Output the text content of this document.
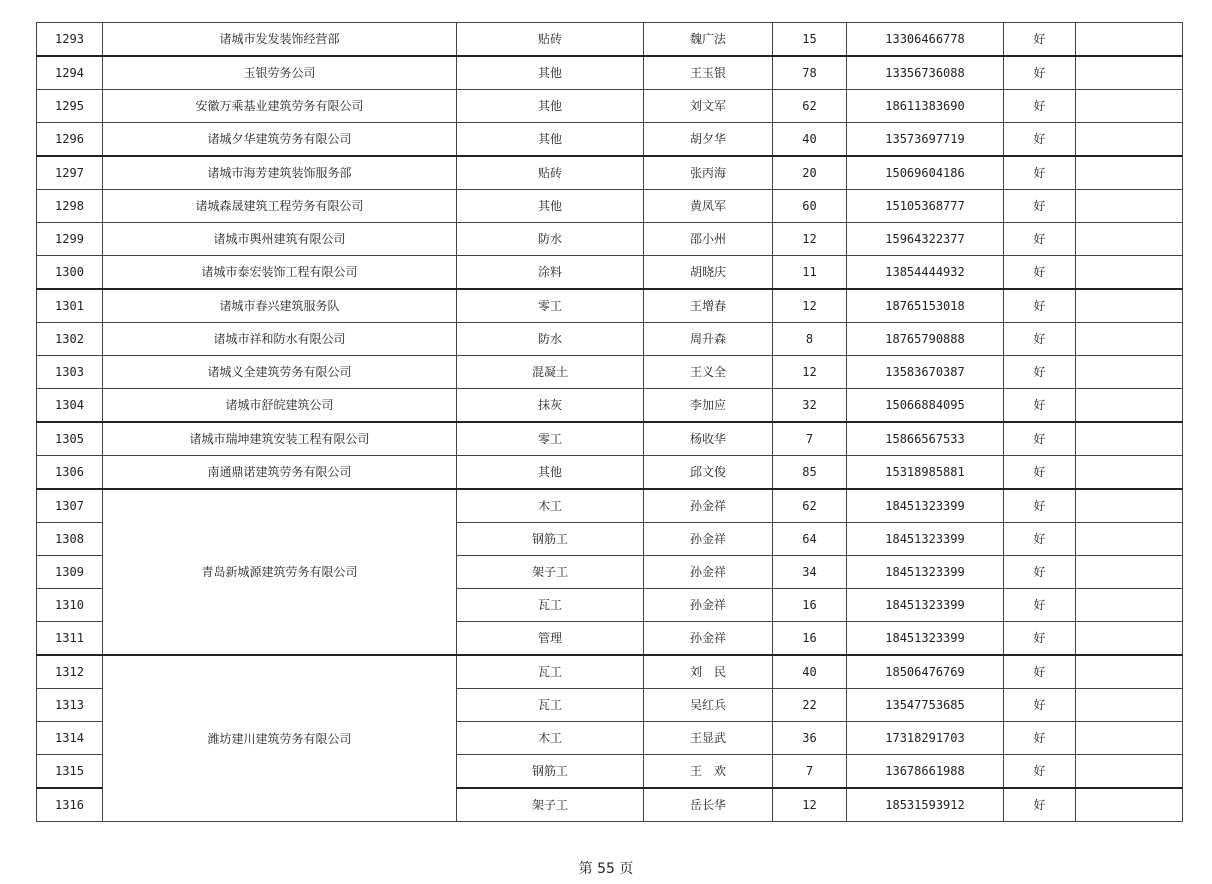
1293	诸城市发发装饰经营部	贴砖	魏广法	15	13306466778	好	
1294	玉银劳务公司	其他	王玉银	78	13356736088	好	
1295	安徽万乘基业建筑劳务有限公司	其他	刘文军	62	18611383690	好	
1296	诸城夕华建筑劳务有限公司	其他	胡夕华	40	13573697719	好	
1297	诸城市海芳建筑装饰服务部	贴砖	张丙海	20	15069604186	好	
1298	诸城森晟建筑工程劳务有限公司	其他	黄凤军	60	15105368777	好	
1299	诸城市舆州建筑有限公司	防水	邵小州	12	15964322377	好	
1300	诸城市泰宏装饰工程有限公司	涂料	胡晓庆	11	13854444932	好	
1301	诸城市春兴建筑服务队	零工	王增春	12	18765153018	好	
1302	诸城市祥和防水有限公司	防水	周升森	8	18765790888	好	
1303	诸城义全建筑劳务有限公司	混凝土	王义全	12	13583670387	好	
1304	诸城市舒皖建筑公司	抹灰	李加应	32	15066884095	好	
1305	诸城市瑞坤建筑安装工程有限公司	零工	杨收华	7	15866567533	好	
1306	南通鼎诺建筑劳务有限公司	其他	邱文俊	85	15318985881	好	
1307	青岛新城源建筑劳务有限公司	木工	孙金祥	62	18451323399	好	
1308		钢筋工	孙金祥	64	18451323399	好	
1309		架子工	孙金祥	34	18451323399	好	
1310		瓦工	孙金祥	16	18451323399	好	
1311		管理	孙金祥	16	18451323399	好	
1312	潍坊建川建筑劳务有限公司	瓦工	刘　民	40	18506476769	好	
1313		瓦工	吴红兵	22	13547753685	好	
1314		木工	王显武	36	17318291703	好	
1315		钢筋工	王　欢	7	13678661988	好	
1316		架子工	岳长华	12	18531593912	好	
第 55 页
